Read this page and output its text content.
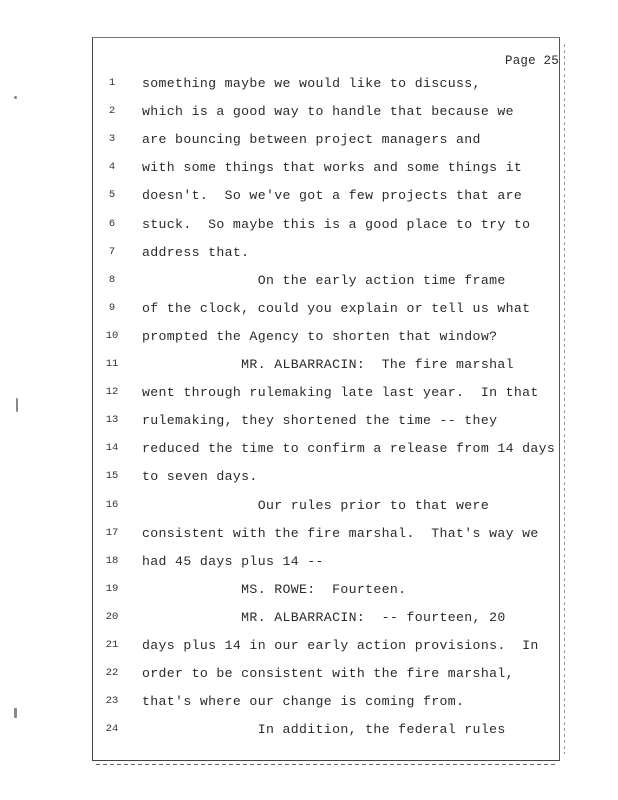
Page 25
1	something maybe we would like to discuss,
2	which is a good way to handle that because we
3	are bouncing between project managers and
4	with some things that works and some things it
5	doesn't.  So we've got a few projects that are
6	stuck.  So maybe this is a good place to try to
7	address that.
8	On the early action time frame
9	of the clock, could you explain or tell us what
10	prompted the Agency to shorten that window?
11	MR. ALBARRACIN:  The fire marshal
12	went through rulemaking late last year.  In that
13	rulemaking, they shortened the time -- they
14	reduced the time to confirm a release from 14 days
15	to seven days.
16	Our rules prior to that were
17	consistent with the fire marshal.  That's way we
18	had 45 days plus 14 --
19	MS. ROWE:  Fourteen.
20	MR. ALBARRACIN:  -- fourteen, 20
21	days plus 14 in our early action provisions.  In
22	order to be consistent with the fire marshal,
23	that's where our change is coming from.
24	In addition, the federal rules
